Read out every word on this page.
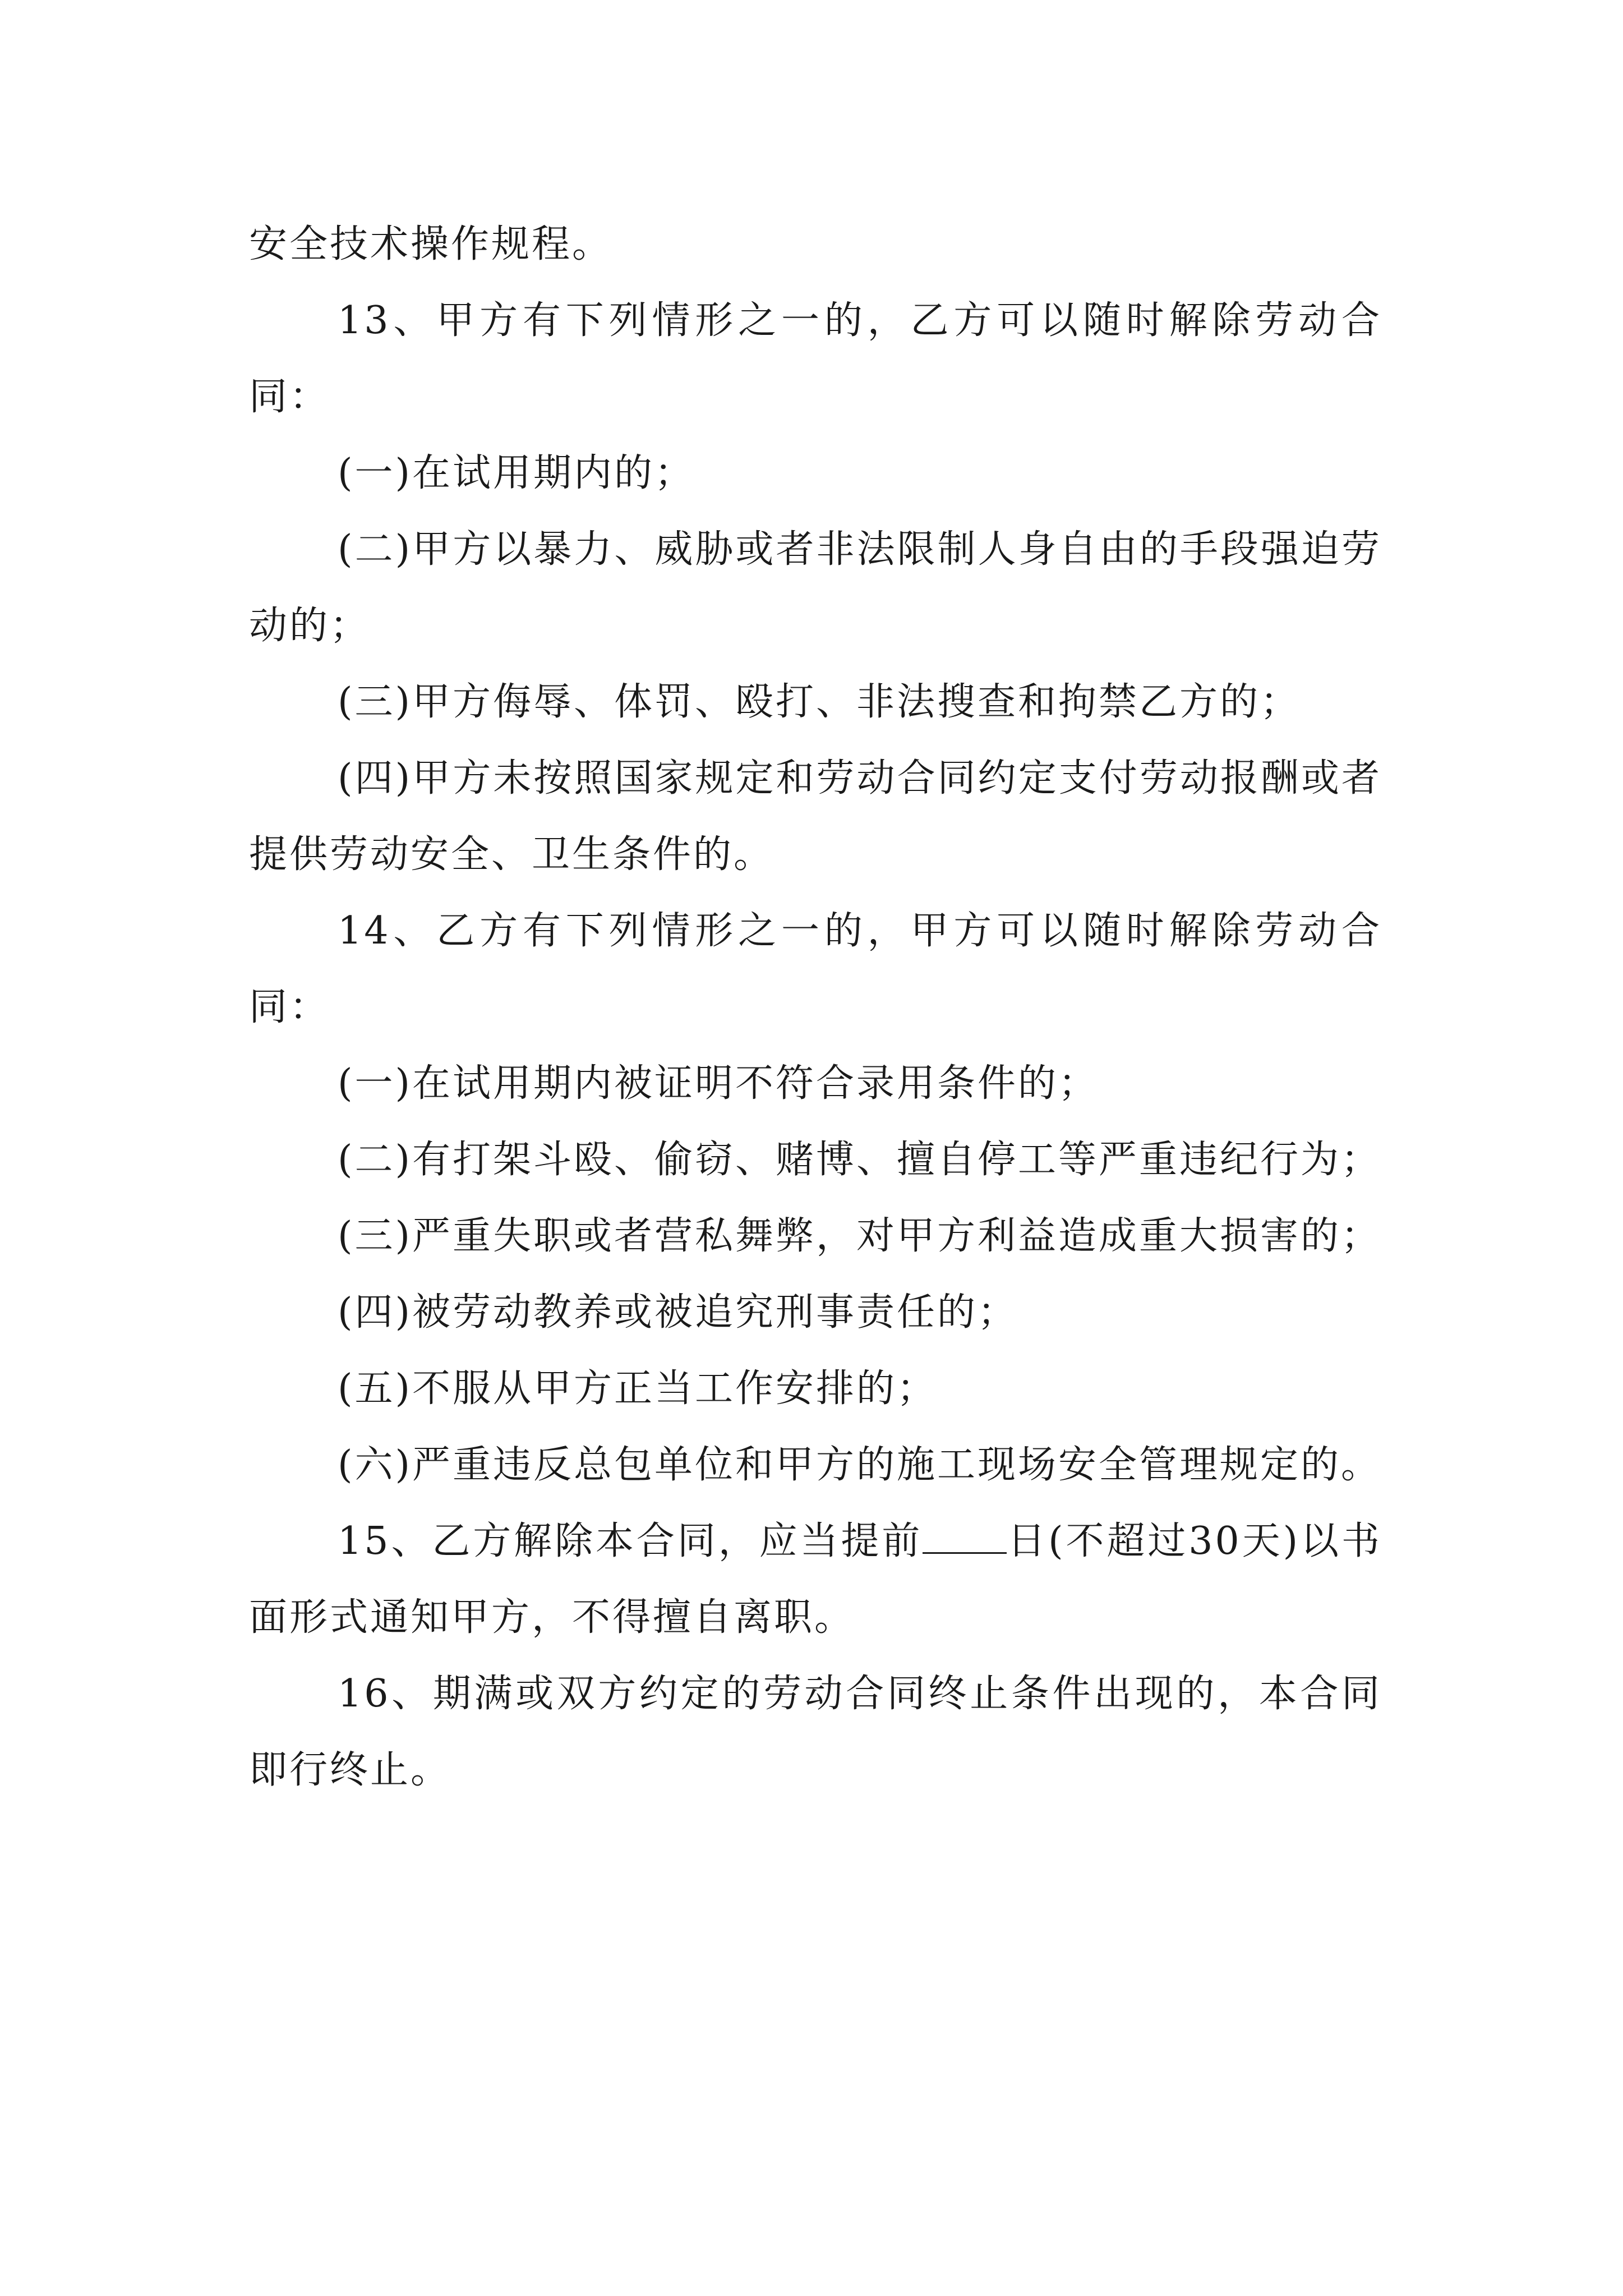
安全技术操作规程。

13、甲方有下列情形之一的，乙方可以随时解除劳动合同：

(一)在试用期内的；

(二)甲方以暴力、威胁或者非法限制人身自由的手段强迫劳动的；

(三)甲方侮辱、体罚、殴打、非法搜查和拘禁乙方的；

(四)甲方未按照国家规定和劳动合同约定支付劳动报酬或者提供劳动安全、卫生条件的。

14、乙方有下列情形之一的，甲方可以随时解除劳动合同：

(一)在试用期内被证明不符合录用条件的；

(二)有打架斗殴、偷窃、赌博、擅自停工等严重违纪行为；

(三)严重失职或者营私舞弊，对甲方利益造成重大损害的；

(四)被劳动教养或被追究刑事责任的；

(五)不服从甲方正当工作安排的；

(六)严重违反总包单位和甲方的施工现场安全管理规定的。

15、乙方解除本合同，应当提前 日(不超过30天)以书面形式通知甲方，不得擅自离职。

16、期满或双方约定的劳动合同终止条件出现的，本合同即行终止。
